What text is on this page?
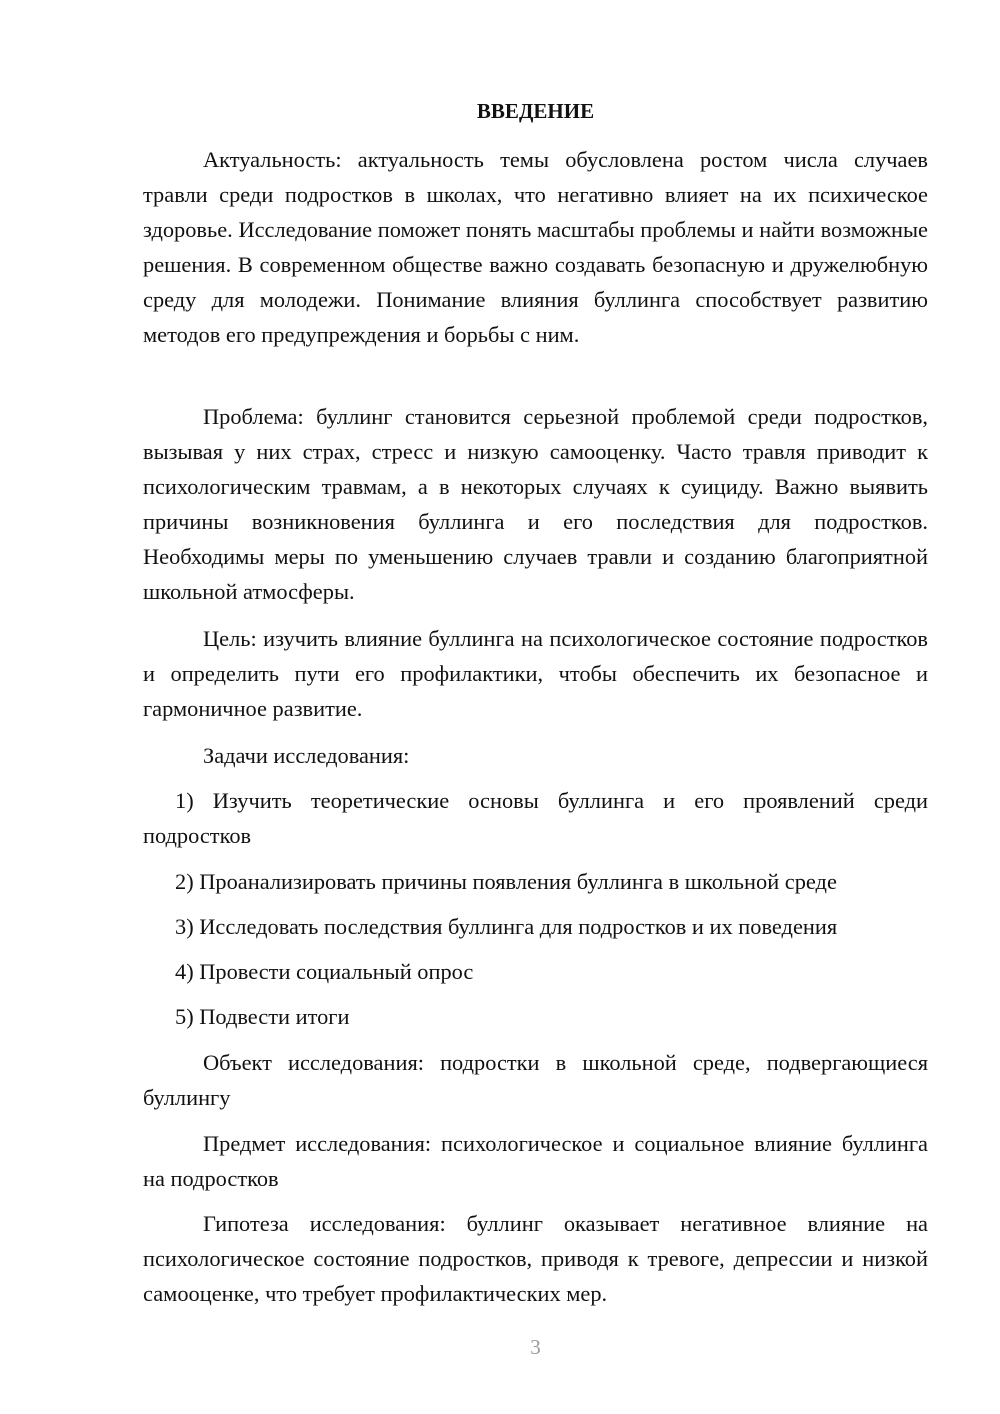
ВВЕДЕНИЕ

Актуальность: актуальность темы обусловлена ростом числа случаев травли среди подростков в школах, что негативно влияет на их психическое здоровье. Исследование поможет понять масштабы проблемы и найти возможные решения. В современном обществе важно создавать безопасную и дружелюбную среду для молодежи. Понимание влияния буллинга способствует развитию методов его предупреждения и борьбы с ним.

Проблема: буллинг становится серьезной проблемой среди подростков, вызывая у них страх, стресс и низкую самооценку. Часто травля приводит к психологическим травмам, а в некоторых случаях к суициду. Важно выявить причины возникновения буллинга и его последствия для подростков. Необходимы меры по уменьшению случаев травли и созданию благоприятной школьной атмосферы.

Цель: изучить влияние буллинга на психологическое состояние подростков и определить пути его профилактики, чтобы обеспечить их безопасное и гармоничное развитие.

Задачи исследования:

1) Изучить теоретические основы буллинга и его проявлений среди подростков

2) Проанализировать причины появления буллинга в школьной среде

3) Исследовать последствия буллинга для подростков и их поведения

4) Провести социальный опрос

5) Подвести итоги

Объект исследования: подростки в школьной среде, подвергающиеся буллингу

Предмет исследования: психологическое и социальное влияние буллинга на подростков

Гипотеза исследования: буллинг оказывает негативное влияние на психологическое состояние подростков, приводя к тревоге, депрессии и низкой самооценке, что требует профилактических мер.

3
